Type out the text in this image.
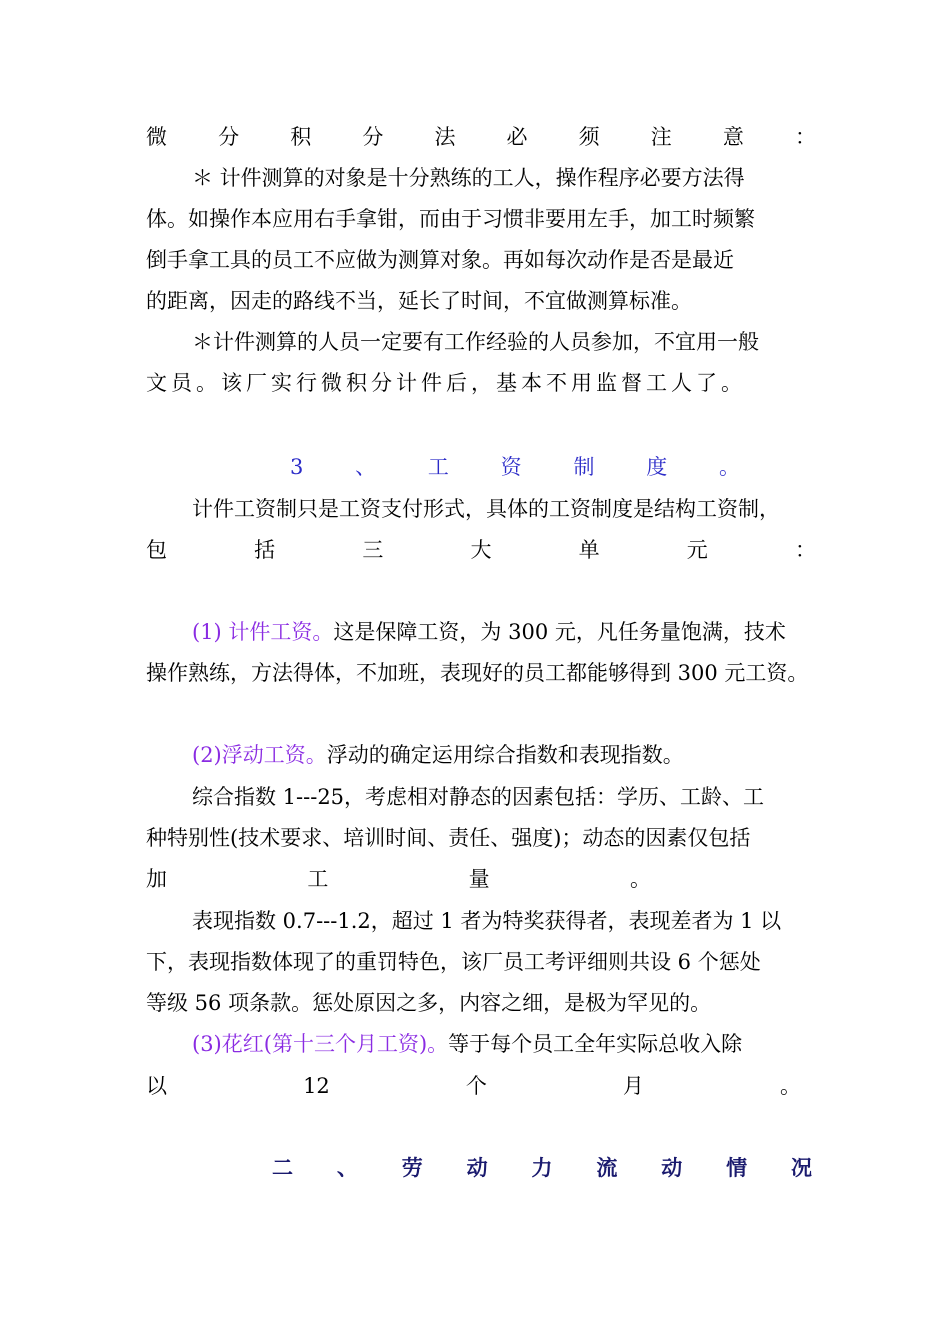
微 分 积 分 法 必 须 注 意 ：
＊ 计件测算的对象是十分熟练的工人，操作程序必要方法得
体。如操作本应用右手拿钳，而由于习惯非要用左手，加工时频繁
倒手拿工具的员工不应做为测算对象。再如每次动作是否是最近
的距离，因走的路线不当，延长了时间，不宜做测算标准。
＊计件测算的人员一定要有工作经验的人员参加，不宜用一般
文员。该厂实行微积分计件后，基本不用监督工人了。
3 、 工 资 制 度 。
计件工资制只是工资支付形式，具体的工资制度是结构工资制，
包	括	三	大	单	元	：
(1) 计件工资。这是保障工资，为 300 元，凡任务量饱满，技术
操作熟练，方法得体，不加班，表现好的员工都能够得到 300 元工资。
(2)浮动工资。浮动的确定运用综合指数和表现指数。
综合指数 1---25，考虑相对静态的因素包括：学历、工龄、工
种特别性(技术要求、培训时间、责任、强度)；动态的因素仅包括
加	工	量	。
表现指数 0.7---1.2，超过 1 者为特奖获得者，表现差者为 1 以
下，表现指数体现了的重罚特色，该厂员工考评细则共设 6 个惩处
等级 56 项条款。惩处原因之多，内容之细，是极为罕见的。
(3)花红(第十三个月工资)。等于每个员工全年实际总收入除
以	12	个	月	。
二 、 劳 动 力 流 动 情 况
